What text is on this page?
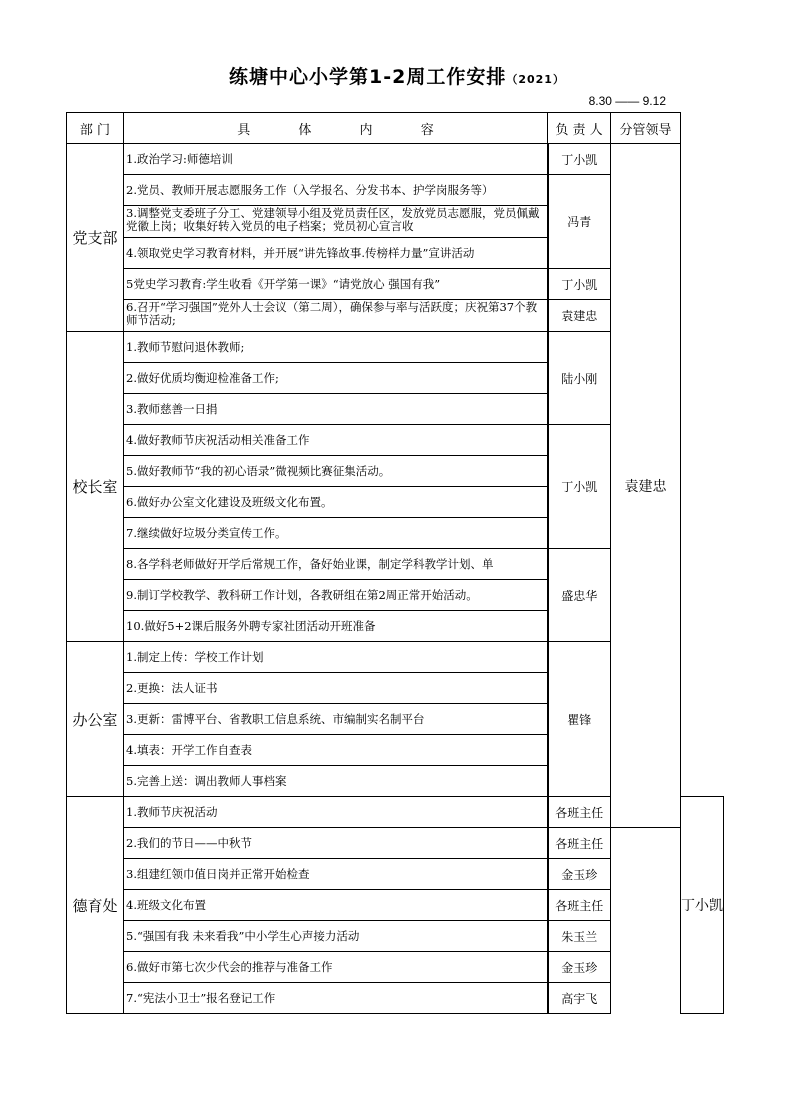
练塘中心小学第1-2周工作安排（2021）
8.30 —— 9.12
部 门	具 体 内 容	负 责 人	分管领导	
党支部	1.政治学习:师德培训	丁小凯	袁建忠	
	2.党员、教师开展志愿服务工作（入学报名、分发书本、护学岗服务等）	冯青		
	3.调整党支委班子分工、党建领导小组及党员责任区，发放党员志愿服，党员佩戴党徽上岗；收集好转入党员的电子档案；党员初心宣言收			
	4.领取党史学习教育材料，并开展“讲先锋故事.传榜样力量”宣讲活动			
	5党史学习教育:学生收看《开学第一课》“请党放心 强国有我”	丁小凯		
	6.召开“学习强国”党外人士会议（第二周），确保参与率与活跃度；庆祝第37个教师节活动;	袁建忠		
校长室	1.教师节慰问退休教师;	陆小刚		
	2.做好优质均衡迎检准备工作;			
	3.教师慈善一日捐			
	4.做好教师节庆祝活动相关准备工作	丁小凯		
	5.做好教师节“我的初心语录”微视频比赛征集活动。			
	6.做好办公室文化建设及班级文化布置。			
	7.继续做好垃圾分类宣传工作。			
	8.各学科老师做好开学后常规工作，备好始业课，制定学科教学计划、单	盛忠华		
	9.制订学校教学、教科研工作计划，各教研组在第2周正常开始活动。			
	10.做好5+2课后服务外聘专家社团活动开班准备			
办公室	1.制定上传：学校工作计划	瞿锋		
	2.更换：法人证书			
	3.更新：雷博平台、省教职工信息系统、市编制实名制平台			
	4.填表：开学工作自查表			
	5.完善上送：调出教师人事档案			
德育处	1.教师节庆祝活动	各班主任		丁小凯
	2.我们的节日——中秋节	各班主任		
	3.组建红领巾值日岗并正常开始检查	金玉珍		
	4.班级文化布置	各班主任		
	5.“强国有我 未来看我”中小学生心声接力活动	朱玉兰		
	6.做好市第七次少代会的推荐与准备工作	金玉珍		
	7.“宪法小卫士”报名登记工作	高宇飞		
